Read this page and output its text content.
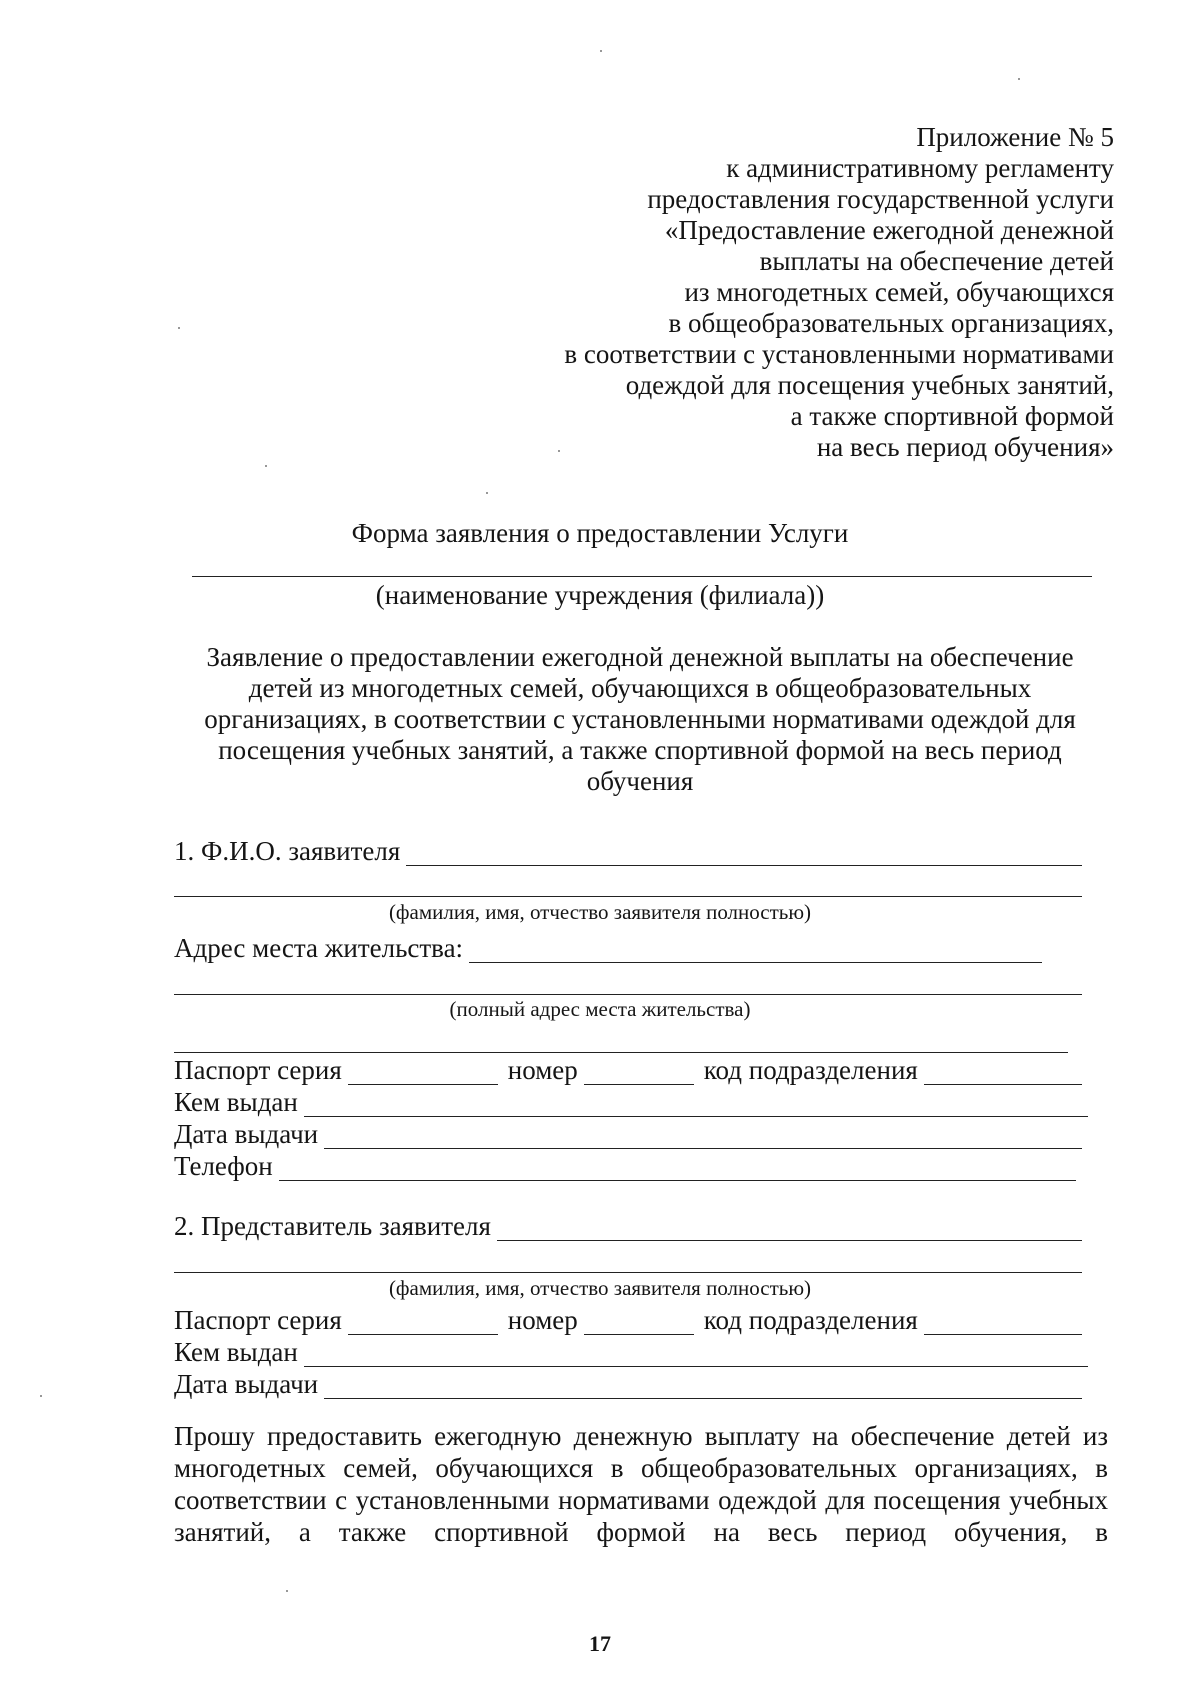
Приложение № 5
к административному регламенту
предоставления государственной услуги
«Предоставление ежегодной денежной
выплаты на обеспечение детей
из многодетных семей, обучающихся
в общеобразовательных организациях,
в соответствии с установленными нормативами
одеждой для посещения учебных занятий,
а также спортивной формой
на весь период обучения»
Форма заявления о предоставлении Услуги
(наименование учреждения (филиала))
Заявление о предоставлении ежегодной денежной выплаты на обеспечение
детей из многодетных семей, обучающихся в общеобразовательных
организациях, в соответствии с установленными нормативами одеждой для
посещения учебных занятий, а также спортивной формой на весь период
обучения
1. Ф.И.О. заявителя
(фамилия, имя, отчество заявителя полностью)
Адрес места жительства:
(полный адрес места жительства)
Паспорт серия	номер	код подразделения
Кем выдан
Дата выдачи
Телефон
2. Представитель заявителя
(фамилия, имя, отчество заявителя полностью)
Паспорт серия	номер	код подразделения
Кем выдан
Дата выдачи
Прошу предоставить ежегодную денежную выплату на обеспечение детей из многодетных семей, обучающихся в общеобразовательных организациях, в соответствии с установленными нормативами одеждой для посещения учебных занятий, а также спортивной формой на весь период обучения, в
17
